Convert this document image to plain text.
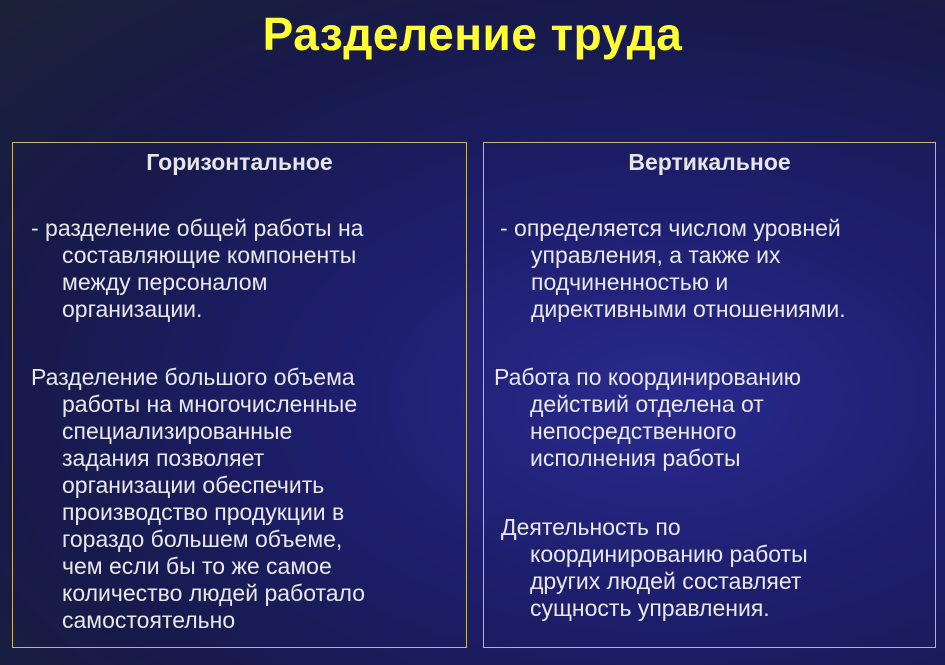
Разделение труда
Горизонтальное
- разделение общей работы на
составляющие компоненты
между персоналом
организации.
Разделение большого объема
работы на многочисленные
специализированные
задания позволяет
организации обеспечить
производство продукции в
гораздо большем объеме,
чем если бы то же самое
количество людей работало
самостоятельно
Вертикальное
- определяется числом уровней
управления, а также их
подчиненностью и
директивными отношениями.
Работа по координированию
действий отделена от
непосредственного
исполнения работы
Деятельность по
координированию работы
других людей составляет
сущность управления.
